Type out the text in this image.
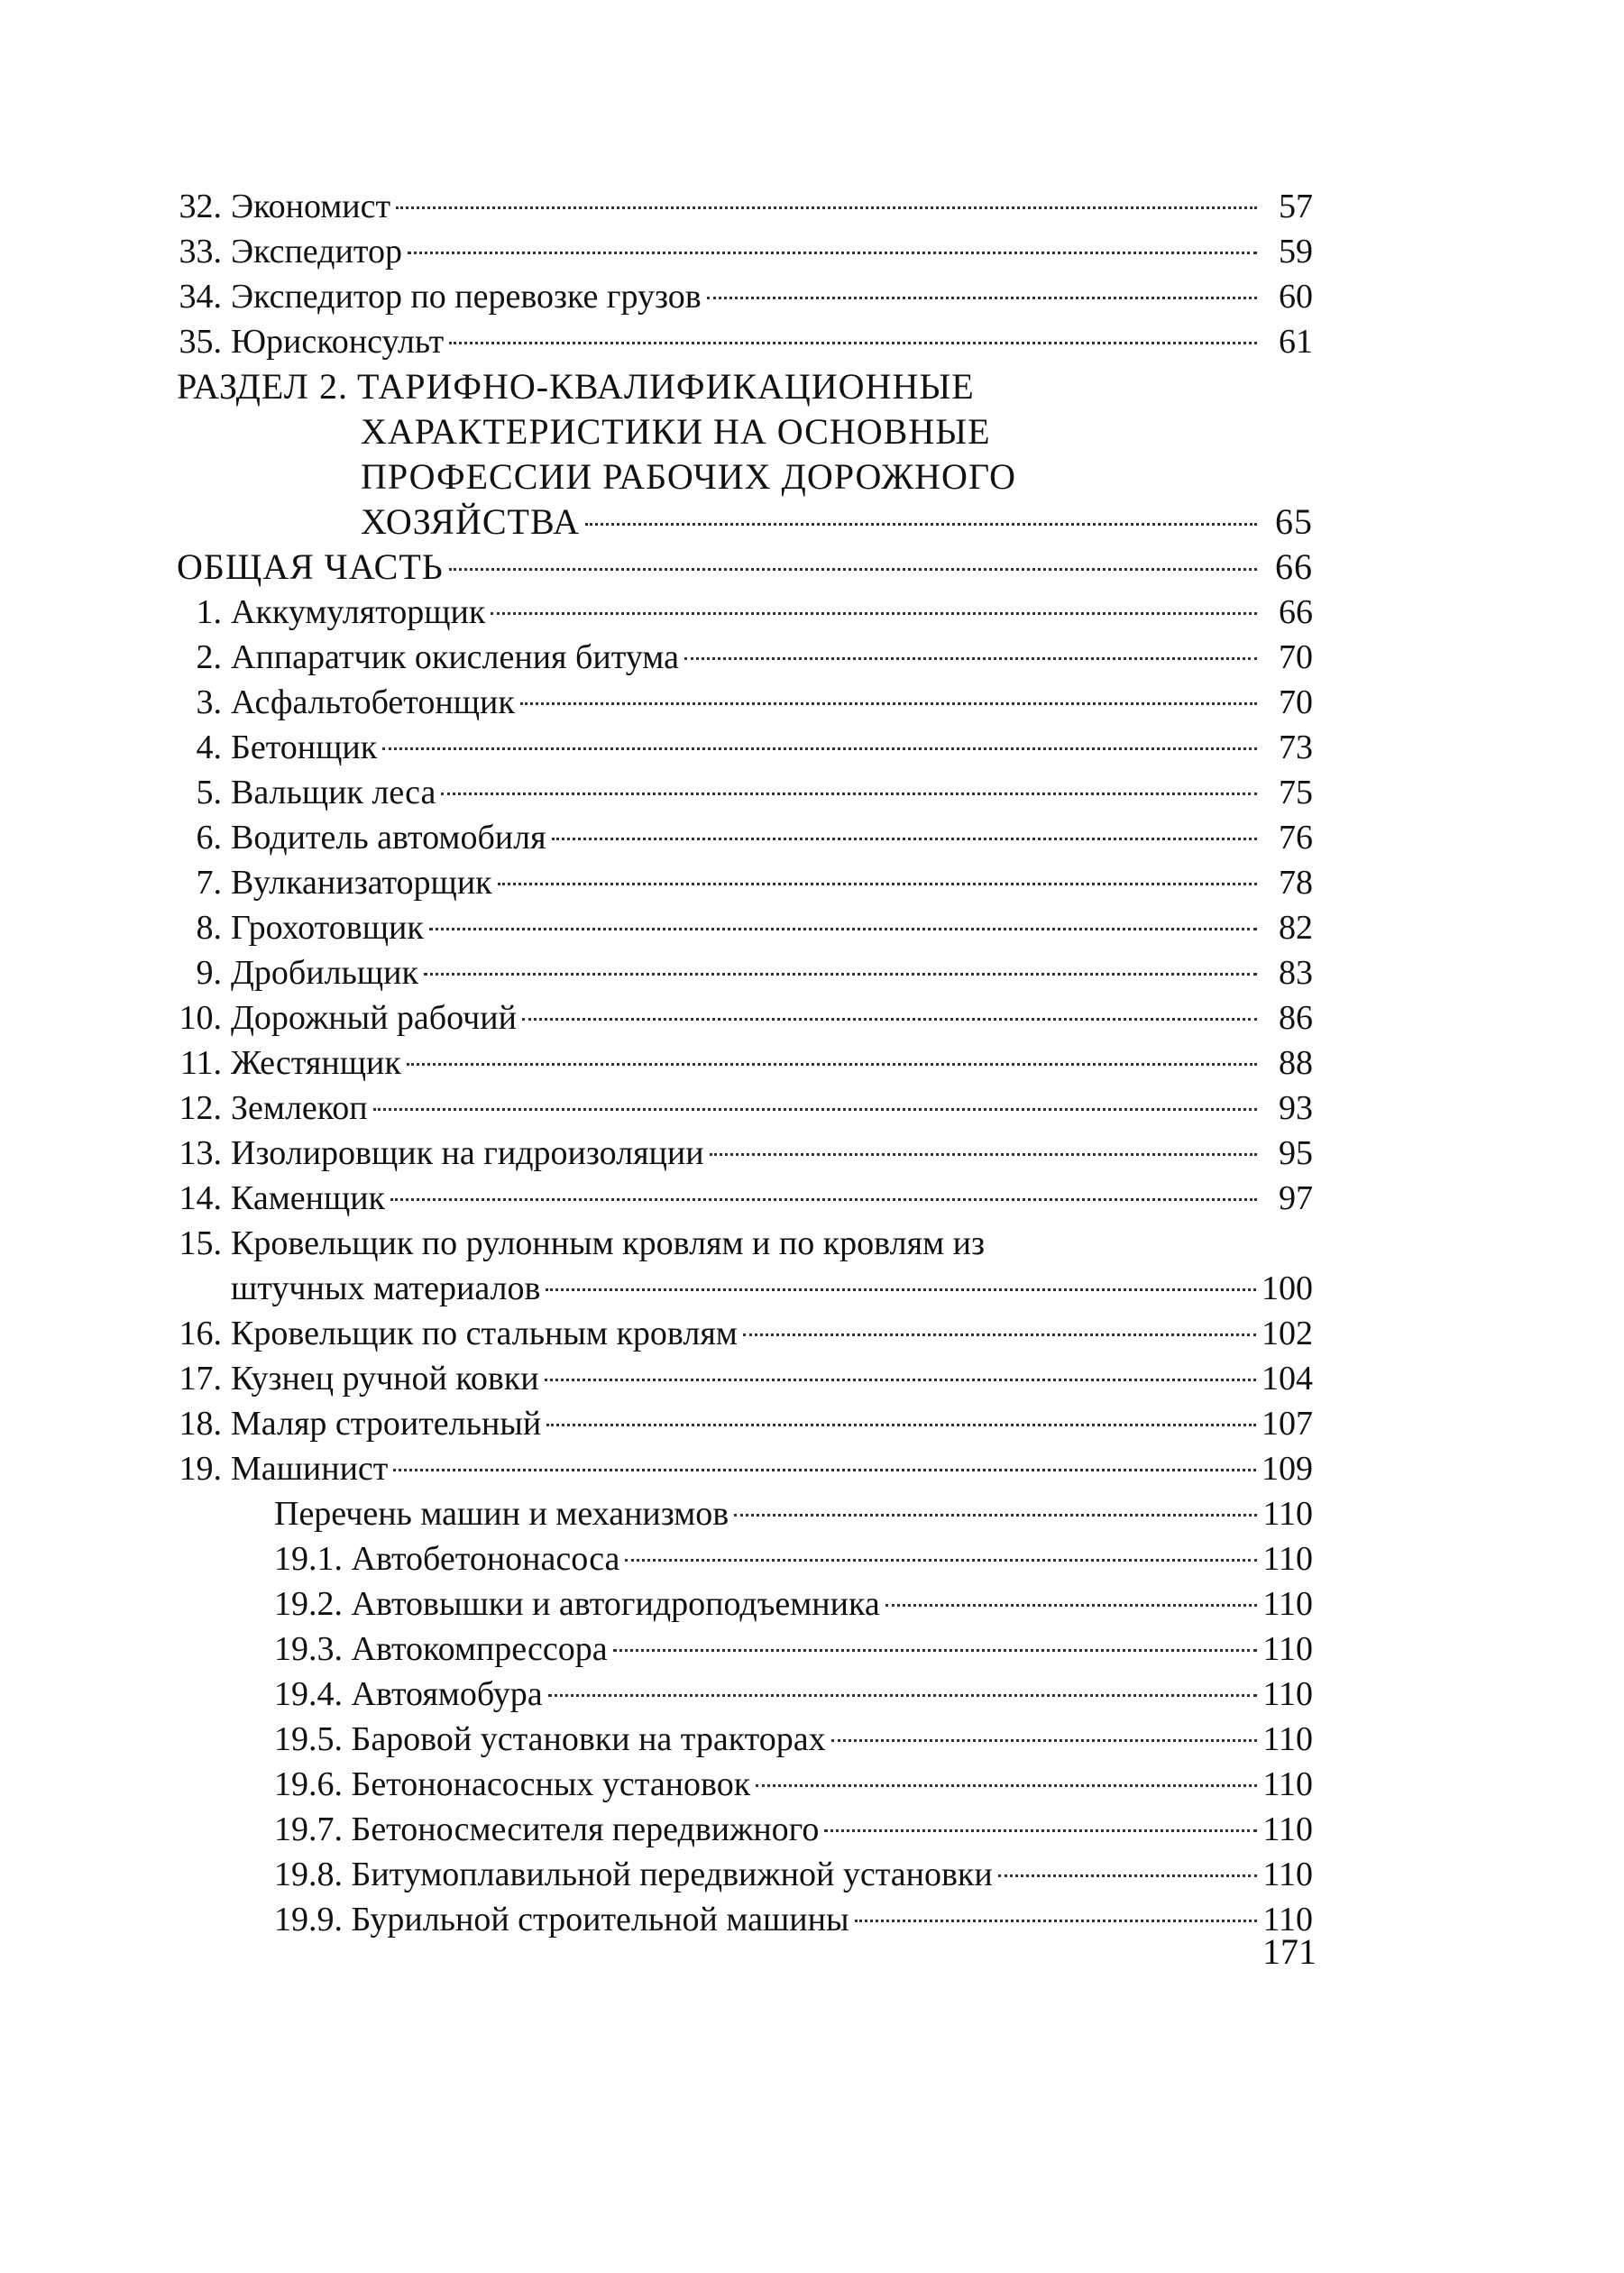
32. Экономист	57
33. Экспедитор	59
34. Экспедитор по перевозке грузов	60
35. Юрисконсульт	61
РАЗДЕЛ 2. ТАРИФНО-КВАЛИФИКАЦИОННЫЕ
ХАРАКТЕРИСТИКИ НА ОСНОВНЫЕ
ПРОФЕССИИ РАБОЧИХ ДОРОЖНОГО
ХОЗЯЙСТВА	65
ОБЩАЯ ЧАСТЬ	66
1. Аккумуляторщик	66
2. Аппаратчик окисления битума	70
3. Асфальтобетонщик	70
4. Бетонщик	73
5. Вальщик леса	75
6. Водитель автомобиля	76
7. Вулканизаторщик	78
8. Грохотовщик	82
9. Дробильщик	83
10. Дорожный рабочий	86
11. Жестянщик	88
12. Землекоп	93
13. Изолировщик на гидроизоляции	95
14. Каменщик	97
15. Кровельщик по рулонным кровлям и по кровлям из
штучных материалов	100
16. Кровельщик по стальным кровлям	102
17. Кузнец ручной ковки	104
18. Маляр строительный	107
19. Машинист	109
Перечень машин и механизмов	110
19.1. Автобетононасоса	110
19.2. Автовышки и автогидроподъемника	110
19.3. Автокомпрессора	110
19.4. Автоямобура	110
19.5. Баровой установки на тракторах	110
19.6. Бетононасосных установок	110
19.7. Бетоносмесителя передвижного	110
19.8. Битумоплавильной передвижной установки	110
19.9. Бурильной строительной машины	110
171
